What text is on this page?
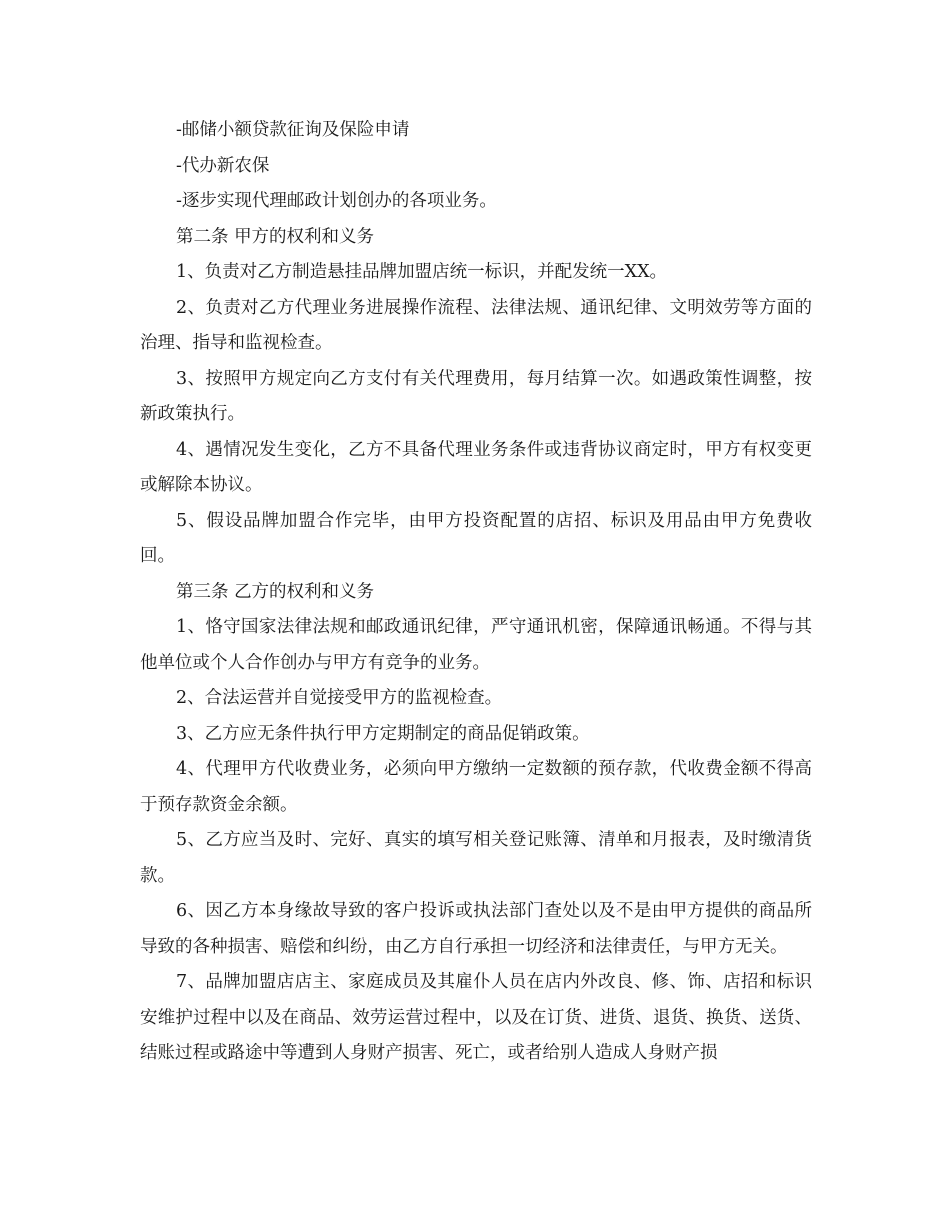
-邮储小额贷款征询及保险申请

-代办新农保

-逐步实现代理邮政计划创办的各项业务。

第二条 甲方的权利和义务

1、负责对乙方制造悬挂品牌加盟店统一标识，并配发统一XX。

2、负责对乙方代理业务进展操作流程、法律法规、通讯纪律、文明效劳等方面的治理、指导和监视检查。

3、按照甲方规定向乙方支付有关代理费用，每月结算一次。如遇政策性调整，按新政策执行。

4、遇情况发生变化，乙方不具备代理业务条件或违背协议商定时，甲方有权变更或解除本协议。

5、假设品牌加盟合作完毕，由甲方投资配置的店招、标识及用品由甲方免费收回。

第三条 乙方的权利和义务

1、恪守国家法律法规和邮政通讯纪律，严守通讯机密，保障通讯畅通。不得与其他单位或个人合作创办与甲方有竞争的业务。

2、合法运营并自觉接受甲方的监视检查。

3、乙方应无条件执行甲方定期制定的商品促销政策。

4、代理甲方代收费业务，必须向甲方缴纳一定数额的预存款，代收费金额不得高于预存款资金余额。

5、乙方应当及时、完好、真实的填写相关登记账簿、清单和月报表，及时缴清货款。

6、因乙方本身缘故导致的客户投诉或执法部门查处以及不是由甲方提供的商品所导致的各种损害、赔偿和纠纷，由乙方自行承担一切经济和法律责任，与甲方无关。

7、品牌加盟店店主、家庭成员及其雇仆人员在店内外改良、修、饰、店招和标识安维护过程中以及在商品、效劳运营过程中，以及在订货、进货、退货、换货、送货、结账过程或路途中等遭到人身财产损害、死亡，或者给别人造成人身财产损
